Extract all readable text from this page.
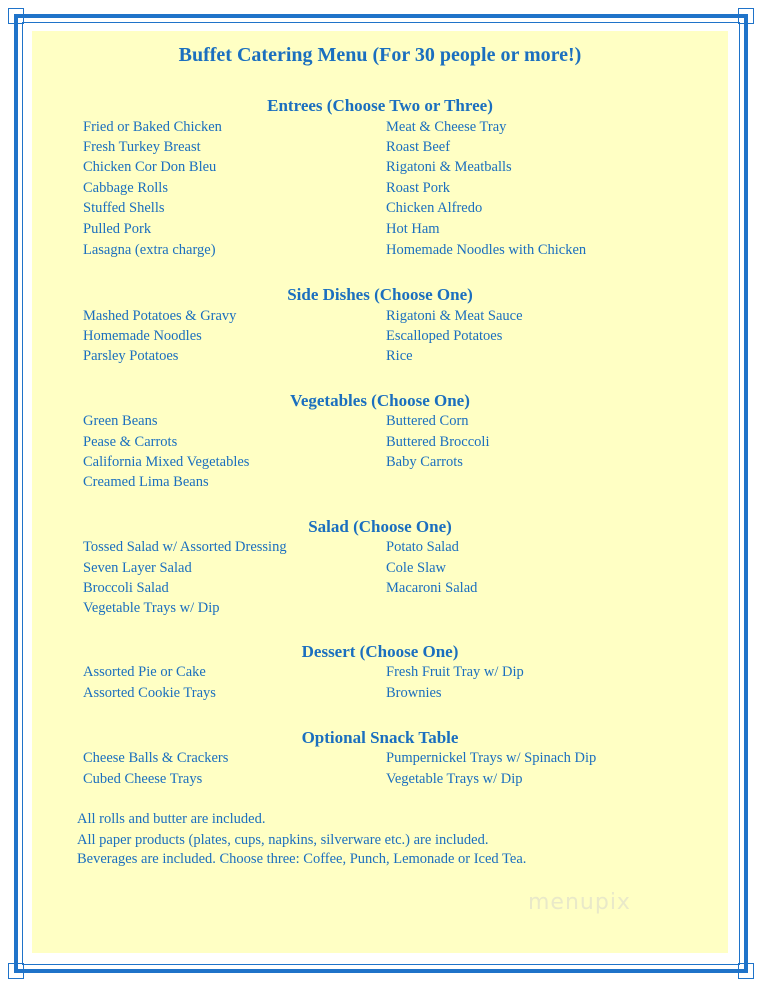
Buffet Catering Menu (For 30 people or more!)
Entrees (Choose Two or Three)
Fried or Baked Chicken
Fresh Turkey Breast
Chicken Cor Don Bleu
Cabbage Rolls
Stuffed Shells
Pulled Pork
Lasagna (extra charge)
Meat & Cheese Tray
Roast Beef
Rigatoni & Meatballs
Roast Pork
Chicken Alfredo
Hot Ham
Homemade Noodles with Chicken
Side Dishes (Choose One)
Mashed Potatoes & Gravy
Homemade Noodles
Parsley Potatoes
Rigatoni & Meat Sauce
Escalloped Potatoes
Rice
Vegetables (Choose One)
Green Beans
Pease & Carrots
California Mixed Vegetables
Creamed Lima Beans
Buttered Corn
Buttered Broccoli
Baby Carrots
Salad (Choose One)
Tossed Salad w/ Assorted Dressing
Seven Layer Salad
Broccoli Salad
Vegetable Trays w/ Dip
Potato Salad
Cole Slaw
Macaroni Salad
Dessert (Choose One)
Assorted Pie or Cake
Assorted Cookie Trays
Fresh Fruit Tray w/ Dip
Brownies
Optional Snack Table
Cheese Balls & Crackers
Cubed Cheese Trays
Pumpernickel Trays w/ Spinach Dip
Vegetable Trays w/ Dip
All rolls and butter are included.
All paper products (plates, cups, napkins, silverware etc.) are included.
Beverages are included. Choose three: Coffee, Punch, Lemonade or Iced Tea.
menupix
